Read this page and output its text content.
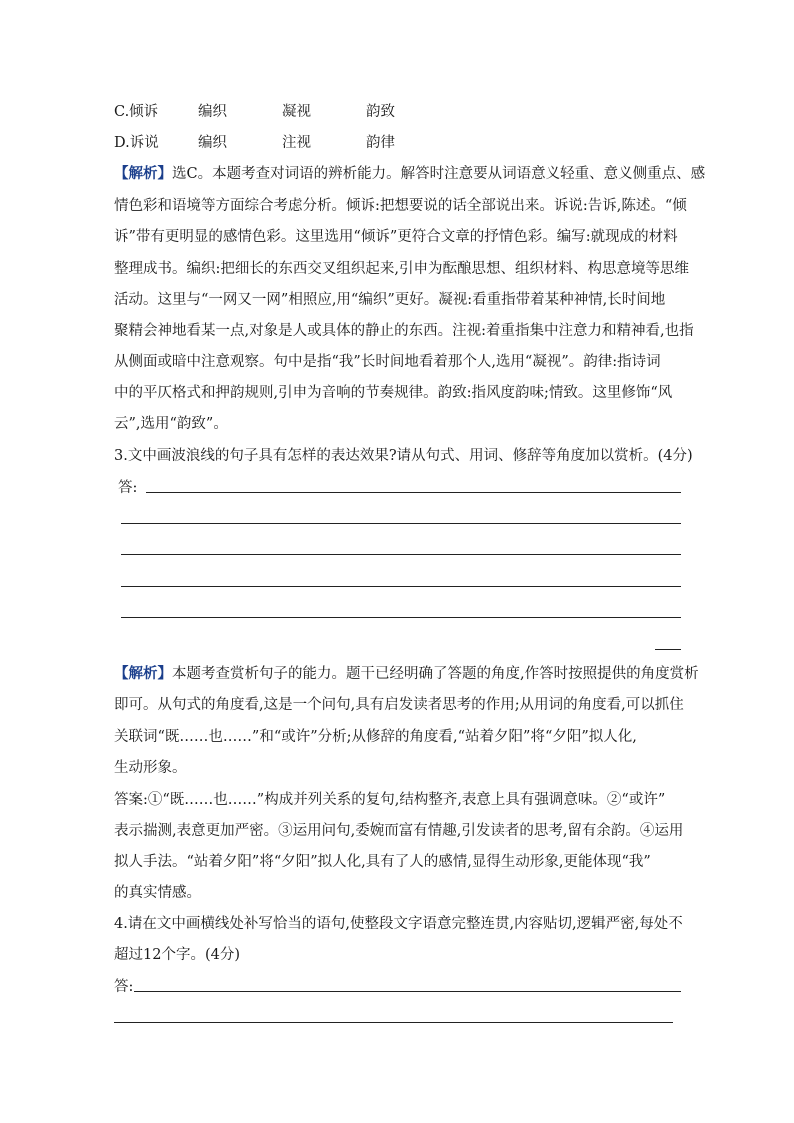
C.倾诉	编织	凝视	韵致
D.诉说	编织	注视	韵律
【解析】选C。本题考查对词语的辨析能力。解答时注意要从词语意义轻重、意义侧重点、感
情色彩和语境等方面综合考虑分析。倾诉:把想要说的话全部说出来。诉说:告诉,陈述。“倾
诉”带有更明显的感情色彩。这里选用“倾诉”更符合文章的抒情色彩。编写:就现成的材料
整理成书。编织:把细长的东西交叉组织起来,引申为酝酿思想、组织材料、构思意境等思维
活动。这里与“一网又一网”相照应,用“编织”更好。凝视:看重指带着某种神情,长时间地
聚精会神地看某一点,对象是人或具体的静止的东西。注视:着重指集中注意力和精神看,也指
从侧面或暗中注意观察。句中是指“我”长时间地看着那个人,选用“凝视”。韵律:指诗词
中的平仄格式和押韵规则,引申为音响的节奏规律。韵致:指风度韵味;情致。这里修饰“风
云”,选用“韵致”。
3.文中画波浪线的句子具有怎样的表达效果?请从句式、用词、修辞等角度加以赏析。(4分)
答:
【解析】本题考查赏析句子的能力。题干已经明确了答题的角度,作答时按照提供的角度赏析
即可。从句式的角度看,这是一个问句,具有启发读者思考的作用;从用词的角度看,可以抓住
关联词“既……也……”和“或许”分析;从修辞的角度看,“站着夕阳”将“夕阳”拟人化,
生动形象。
答案:①“既……也……”构成并列关系的复句,结构整齐,表意上具有强调意味。②“或许”
表示揣测,表意更加严密。③运用问句,委婉而富有情趣,引发读者的思考,留有余韵。④运用
拟人手法。“站着夕阳”将“夕阳”拟人化,具有了人的感情,显得生动形象,更能体现“我”
的真实情感。
4.请在文中画横线处补写恰当的语句,使整段文字语意完整连贯,内容贴切,逻辑严密,每处不
超过12个字。(4分)
答:
